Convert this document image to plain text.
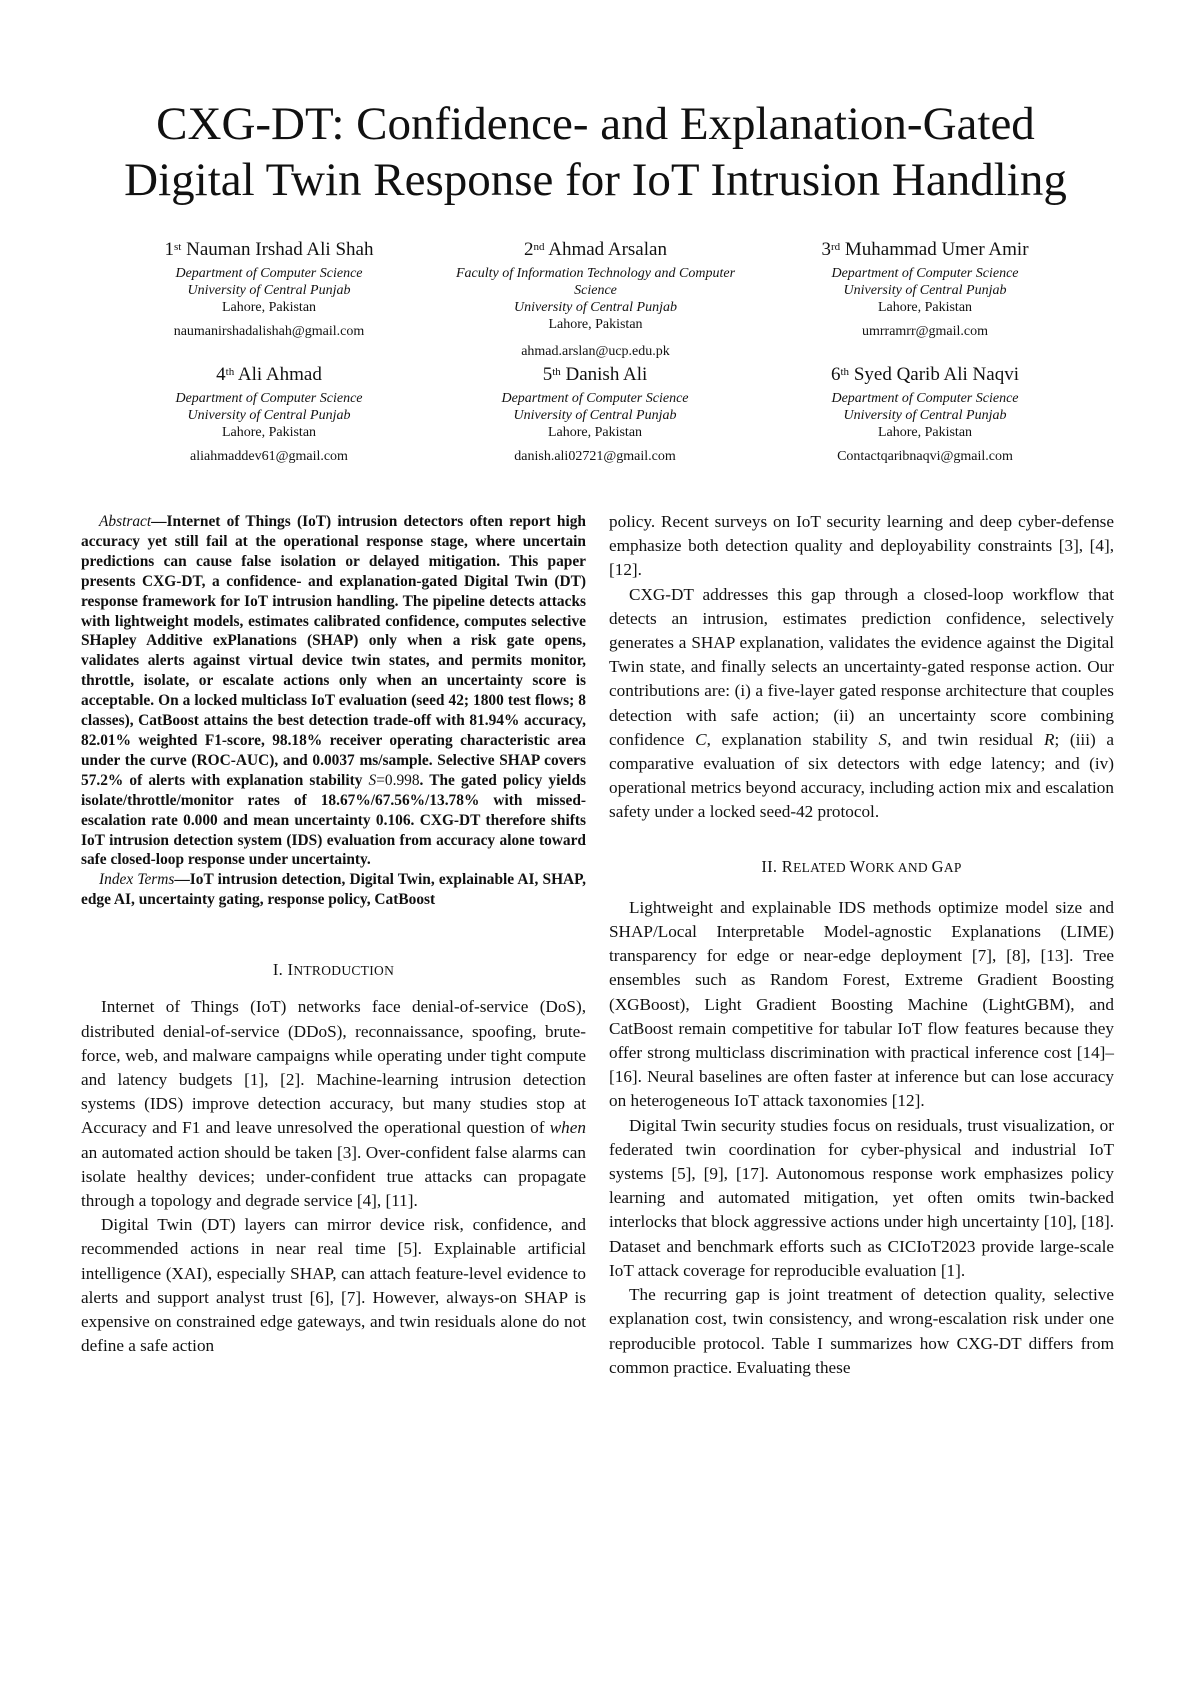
CXG-DT: Confidence- and Explanation-Gated
Digital Twin Response for IoT Intrusion Handling
1st Nauman Irshad Ali Shah
Department of Computer Science
University of Central Punjab
Lahore, Pakistan
naumanirshadalishah@gmail.com
2nd Ahmad Arsalan
Faculty of Information Technology and Computer
Science
University of Central Punjab
Lahore, Pakistan
ahmad.arslan@ucp.edu.pk
3rd Muhammad Umer Amir
Department of Computer Science
University of Central Punjab
Lahore, Pakistan
umrramrr@gmail.com
4th Ali Ahmad
Department of Computer Science
University of Central Punjab
Lahore, Pakistan
aliahmaddev61@gmail.com
5th Danish Ali
Department of Computer Science
University of Central Punjab
Lahore, Pakistan
danish.ali02721@gmail.com
6th Syed Qarib Ali Naqvi
Department of Computer Science
University of Central Punjab
Lahore, Pakistan
Contactqaribnaqvi@gmail.com

Abstract—Internet of Things (IoT) intrusion detectors often report high accuracy yet still fail at the operational response stage, where uncertain predictions can cause false isolation or delayed mitigation. This paper presents CXG-DT, a confidence- and explanation-gated Digital Twin (DT) response framework for IoT intrusion handling. The pipeline detects attacks with lightweight models, estimates calibrated confidence, computes selective SHapley Additive exPlanations (SHAP) only when a risk gate opens, validates alerts against virtual device twin states, and permits monitor, throttle, isolate, or escalate actions only when an uncertainty score is acceptable. On a locked multiclass IoT evaluation (seed 42; 1800 test flows; 8 classes), CatBoost attains the best detection trade-off with 81.94% accuracy, 82.01% weighted F1-score, 98.18% receiver operating characteristic area under the curve (ROC-AUC), and 0.0037 ms/sample. Selective SHAP covers 57.2% of alerts with explanation stability S=0.998. The gated policy yields isolate/throttle/monitor rates of 18.67%/67.56%/13.78% with missed-escalation rate 0.000 and mean uncertainty 0.106. CXG-DT therefore shifts IoT intrusion detection system (IDS) evaluation from accuracy alone toward safe closed-loop response under uncertainty.

Index Terms—IoT intrusion detection, Digital Twin, explainable AI, SHAP, edge AI, uncertainty gating, response policy, CatBoost

I. INTRODUCTION

Internet of Things (IoT) networks face denial-of-service (DoS), distributed denial-of-service (DDoS), reconnaissance, spoofing, brute-force, web, and malware campaigns while operating under tight compute and latency budgets [1], [2]. Machine-learning intrusion detection systems (IDS) improve detection accuracy, but many studies stop at Accuracy and F1 and leave unresolved the operational question of when an automated action should be taken [3]. Over-confident false alarms can isolate healthy devices; under-confident true attacks can propagate through a topology and degrade service [4], [11].

Digital Twin (DT) layers can mirror device risk, confidence, and recommended actions in near real time [5]. Explainable artificial intelligence (XAI), especially SHAP, can attach feature-level evidence to alerts and support analyst trust [6], [7]. However, always-on SHAP is expensive on constrained edge gateways, and twin residuals alone do not define a safe action

policy. Recent surveys on IoT security learning and deep cyber-defense emphasize both detection quality and deployability constraints [3], [4], [12].

CXG-DT addresses this gap through a closed-loop workflow that detects an intrusion, estimates prediction confidence, selectively generates a SHAP explanation, validates the evidence against the Digital Twin state, and finally selects an uncertainty-gated response action. Our contributions are: (i) a five-layer gated response architecture that couples detection with safe action; (ii) an uncertainty score combining confidence C, explanation stability S, and twin residual R; (iii) a comparative evaluation of six detectors with edge latency; and (iv) operational metrics beyond accuracy, including action mix and escalation safety under a locked seed-42 protocol.

II. RELATED WORK AND GAP

Lightweight and explainable IDS methods optimize model size and SHAP/Local Interpretable Model-agnostic Explanations (LIME) transparency for edge or near-edge deployment [7], [8], [13]. Tree ensembles such as Random Forest, Extreme Gradient Boosting (XGBoost), Light Gradient Boosting Machine (LightGBM), and CatBoost remain competitive for tabular IoT flow features because they offer strong multiclass discrimination with practical inference cost [14]–[16]. Neural baselines are often faster at inference but can lose accuracy on heterogeneous IoT attack taxonomies [12].

Digital Twin security studies focus on residuals, trust visualization, or federated twin coordination for cyber-physical and industrial IoT systems [5], [9], [17]. Autonomous response work emphasizes policy learning and automated mitigation, yet often omits twin-backed interlocks that block aggressive actions under high uncertainty [10], [18]. Dataset and benchmark efforts such as CICIoT2023 provide large-scale IoT attack coverage for reproducible evaluation [1].

The recurring gap is joint treatment of detection quality, selective explanation cost, twin consistency, and wrong-escalation risk under one reproducible protocol. Table I summarizes how CXG-DT differs from common practice. Evaluating these
